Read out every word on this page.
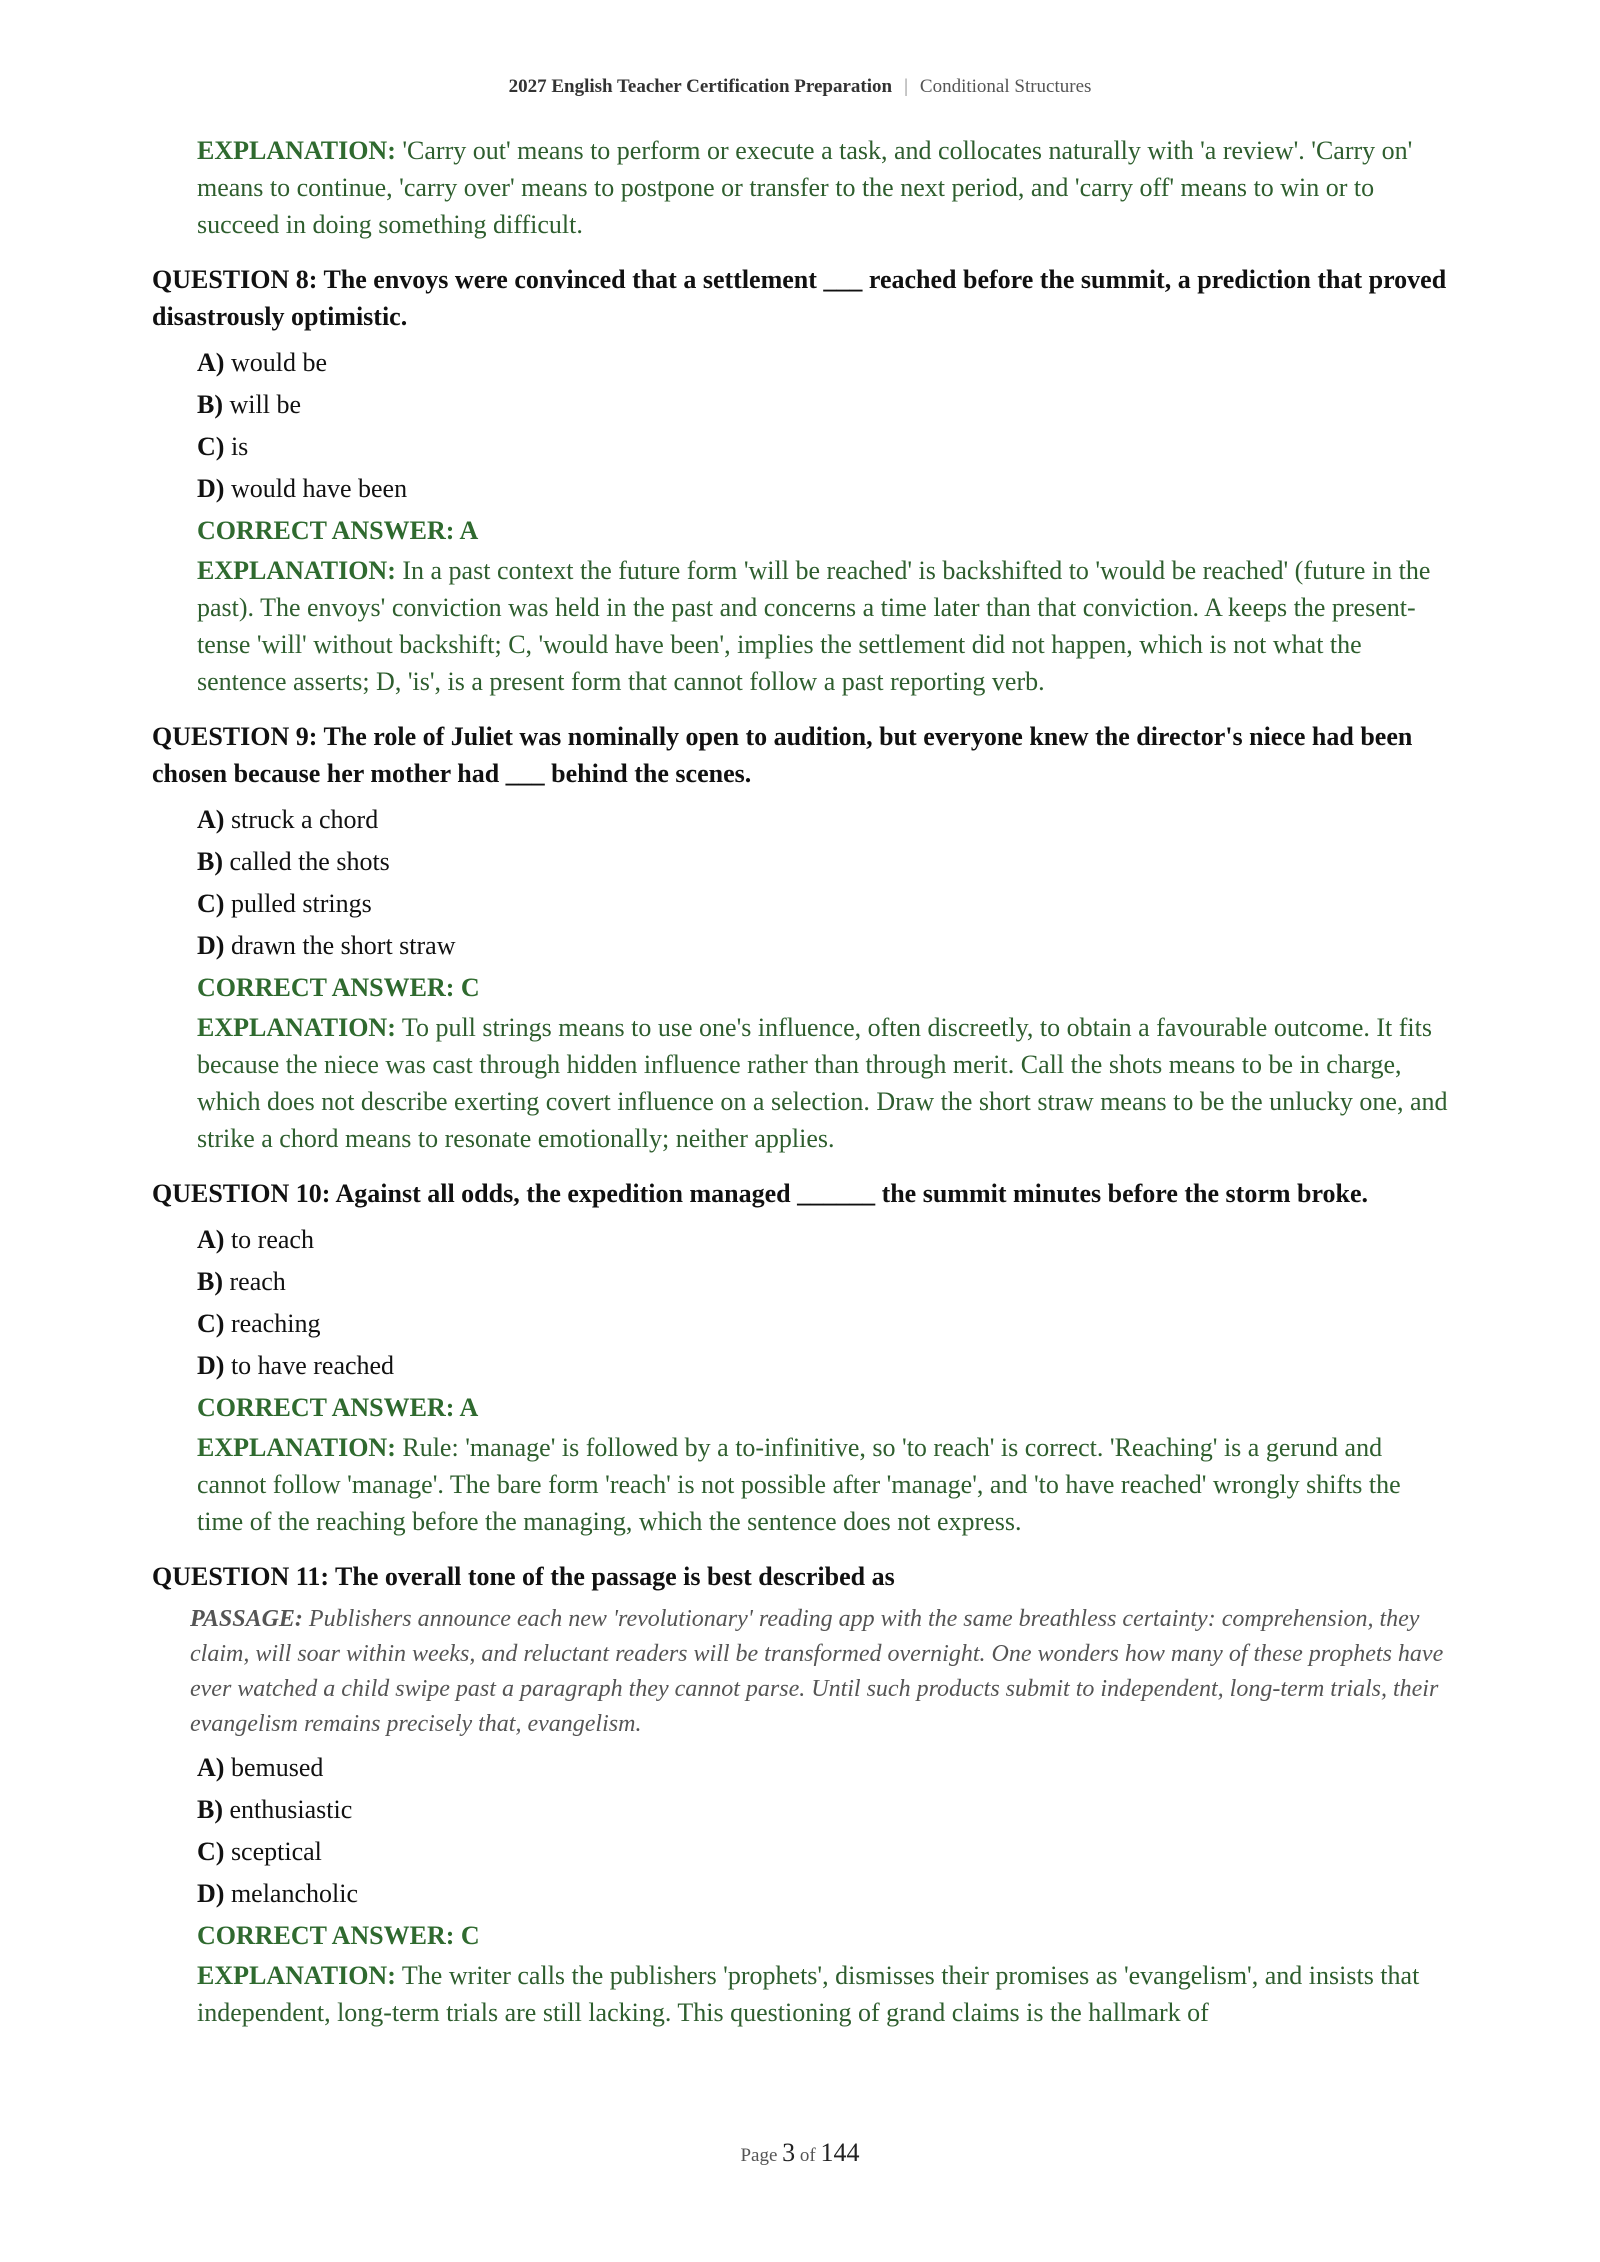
2027 English Teacher Certification Preparation | Conditional Structures
EXPLANATION: 'Carry out' means to perform or execute a task, and collocates naturally with 'a review'. 'Carry on' means to continue, 'carry over' means to postpone or transfer to the next period, and 'carry off' means to win or to succeed in doing something difficult.
QUESTION 8: The envoys were convinced that a settlement ___ reached before the summit, a prediction that proved disastrously optimistic.
A) would be
B) will be
C) is
D) would have been
CORRECT ANSWER: A
EXPLANATION: In a past context the future form 'will be reached' is backshifted to 'would be reached' (future in the past). The envoys' conviction was held in the past and concerns a time later than that conviction. A keeps the present-tense 'will' without backshift; C, 'would have been', implies the settlement did not happen, which is not what the sentence asserts; D, 'is', is a present form that cannot follow a past reporting verb.
QUESTION 9: The role of Juliet was nominally open to audition, but everyone knew the director's niece had been chosen because her mother had ___ behind the scenes.
A) struck a chord
B) called the shots
C) pulled strings
D) drawn the short straw
CORRECT ANSWER: C
EXPLANATION: To pull strings means to use one's influence, often discreetly, to obtain a favourable outcome. It fits because the niece was cast through hidden influence rather than through merit. Call the shots means to be in charge, which does not describe exerting covert influence on a selection. Draw the short straw means to be the unlucky one, and strike a chord means to resonate emotionally; neither applies.
QUESTION 10: Against all odds, the expedition managed ______ the summit minutes before the storm broke.
A) to reach
B) reach
C) reaching
D) to have reached
CORRECT ANSWER: A
EXPLANATION: Rule: 'manage' is followed by a to-infinitive, so 'to reach' is correct. 'Reaching' is a gerund and cannot follow 'manage'. The bare form 'reach' is not possible after 'manage', and 'to have reached' wrongly shifts the time of the reaching before the managing, which the sentence does not express.
QUESTION 11: The overall tone of the passage is best described as
PASSAGE: Publishers announce each new 'revolutionary' reading app with the same breathless certainty: comprehension, they claim, will soar within weeks, and reluctant readers will be transformed overnight. One wonders how many of these prophets have ever watched a child swipe past a paragraph they cannot parse. Until such products submit to independent, long-term trials, their evangelism remains precisely that, evangelism.
A) bemused
B) enthusiastic
C) sceptical
D) melancholic
CORRECT ANSWER: C
EXPLANATION: The writer calls the publishers 'prophets', dismisses their promises as 'evangelism', and insists that independent, long-term trials are still lacking. This questioning of grand claims is the hallmark of
Page 3 of 144
